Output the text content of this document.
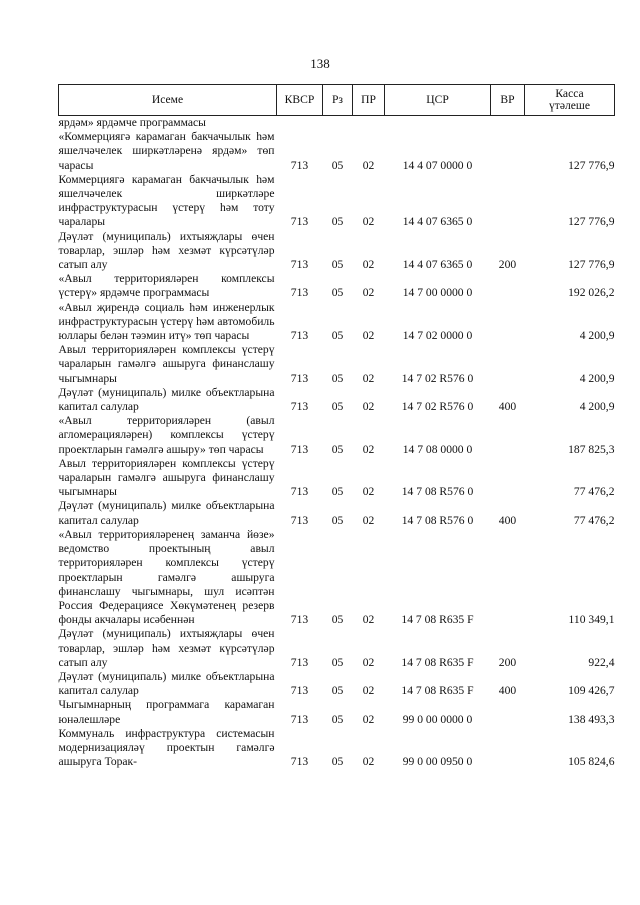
138
Исеме	КВСР	Рз	ПР	ЦСР	ВР	Касса
үтәлеше

ярдәм» ярдәмче программасы						
«Коммерциягә карамаган бакчачылык һәм яшелчәчелек ширкәтләренә ярдәм» төп чарасы	713	05	02	14 4 07 0000 0		127 776,9
Коммерциягә карамаган бакчачылык һәм яшелчәчелек ширкәтләре инфраструктурасын үстерү һәм тоту чаралары	713	05	02	14 4 07 6365 0		127 776,9
Дәүләт (муниципаль) ихтыяҗлары өчен товарлар, эшләр һәм хезмәт күрсәтүләр сатып алу	713	05	02	14 4 07 6365 0	200	127 776,9
«Авыл территорияләрен комплексы үстерү» ярдәмче программасы	713	05	02	14 7 00 0000 0		192 026,2
«Авыл җирендә социаль һәм инженерлык инфраструктурасын үстерү һәм автомобиль юллары белән тәэмин итү» төп чарасы	713	05	02	14 7 02 0000 0		4 200,9
Авыл территорияләрен комплексы үстерү чараларын гамәлгә ашыруга финанслашу чыгымнары	713	05	02	14 7 02 R576 0		4 200,9
Дәүләт (муниципаль) милке объектларына капитал салулар	713	05	02	14 7 02 R576 0	400	4 200,9
«Авыл территорияләрен (авыл агломерацияләрен) комплексы үстерү проектларын гамәлгә ашыру» төп чарасы	713	05	02	14 7 08 0000 0		187 825,3
Авыл территорияләрен комплексы үстерү чараларын гамәлгә ашыруга финанслашу чыгымнары	713	05	02	14 7 08 R576 0		77 476,2
Дәүләт (муниципаль) милке объектларына капитал салулар	713	05	02	14 7 08 R576 0	400	77 476,2
«Авыл территорияләренең заманча йөзе» ведомство проектының авыл территорияләрен комплексы үстерү проектларын гамәлгә ашыруга финанслашу чыгымнары, шул исәптән Россия Федерациясе Хөкүмәтенең резерв фонды акчалары исәбеннән	713	05	02	14 7 08 R635 F		110 349,1
Дәүләт (муниципаль) ихтыяҗлары өчен товарлар, эшләр һәм хезмәт күрсәтүләр сатып алу	713	05	02	14 7 08 R635 F	200	922,4
Дәүләт (муниципаль) милке объектларына капитал салулар	713	05	02	14 7 08 R635 F	400	109 426,7
Чыгымнарның программага карамаган юнәлешләре	713	05	02	99 0 00 0000 0		138 493,3
Коммуналь инфраструктура системасын модернизацияләү проектын гамәлгә ашыруга Торак-	713	05	02	99 0 00 0950 0		105 824,6
